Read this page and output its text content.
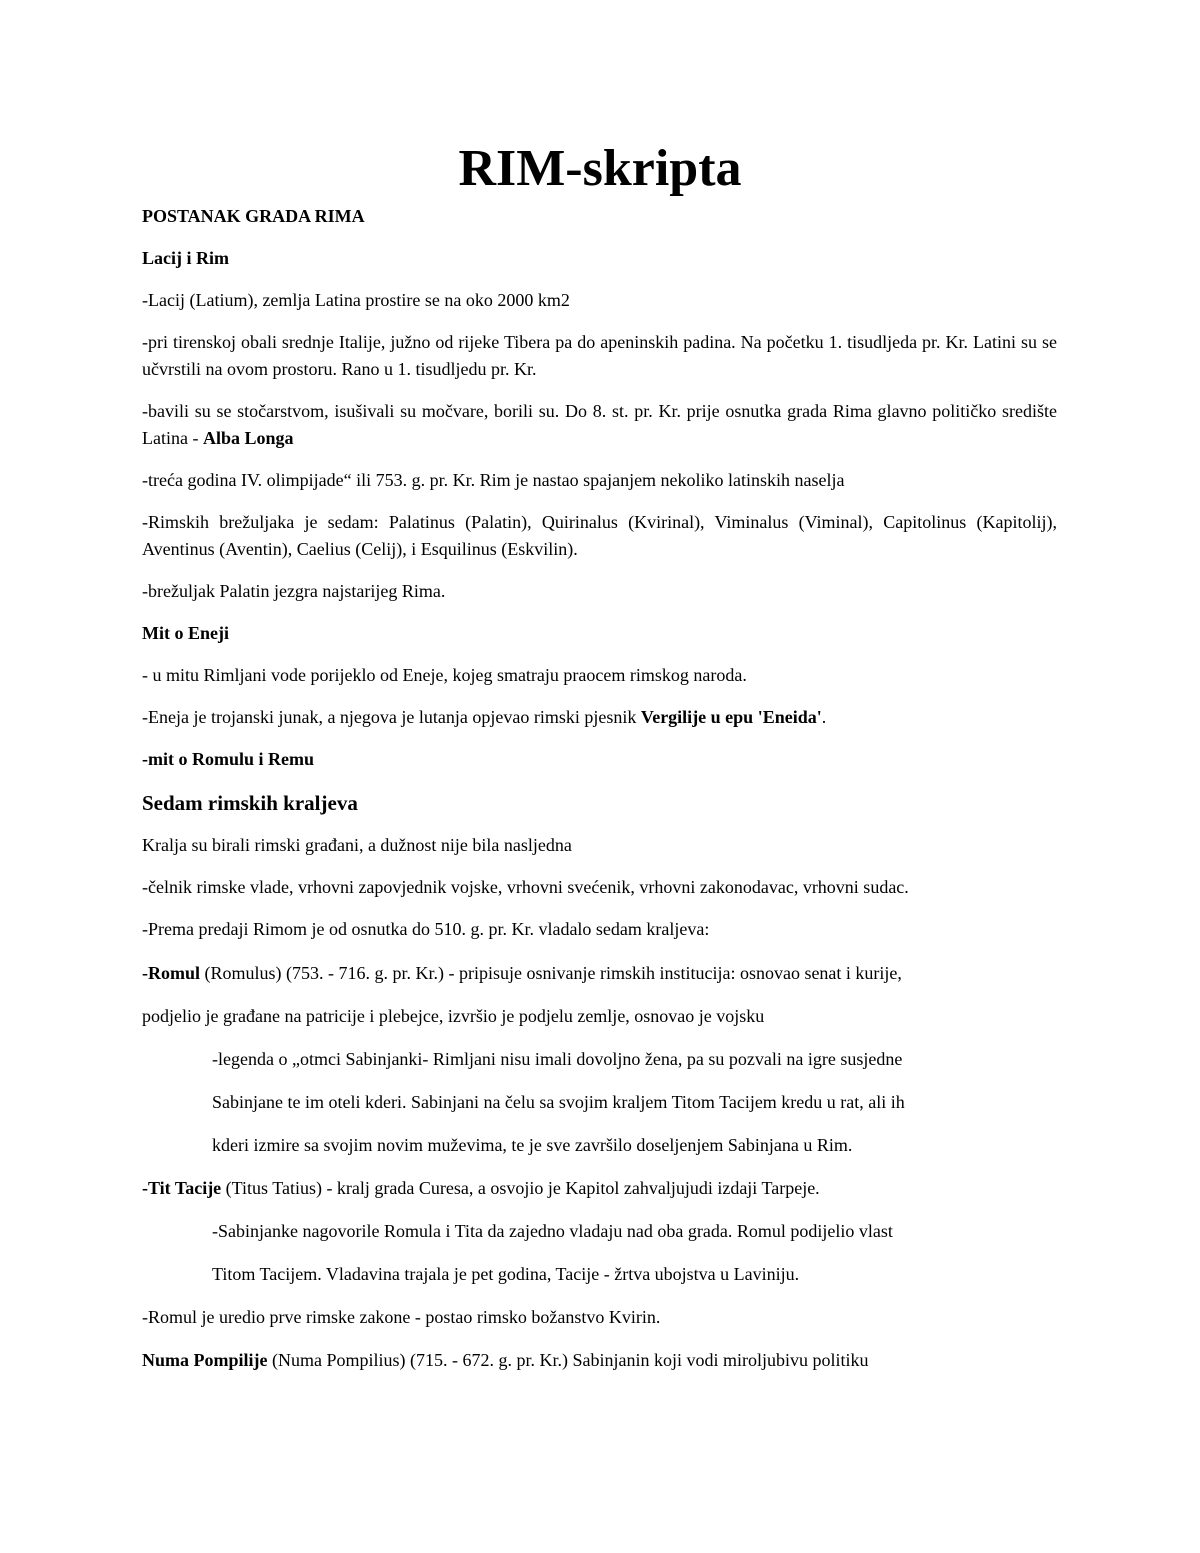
RIM-skripta

POSTANAK GRADA RIMA

Lacij i Rim

-Lacij (Latium), zemlja Latina prostire se na oko 2000 km2

-pri tirenskoj obali srednje Italije, južno od rijeke Tibera pa do apeninskih padina. Na početku 1. tisudljeda pr. Kr. Latini su se učvrstili na ovom prostoru. Rano u 1. tisudljedu pr. Kr.

-bavili su se stočarstvom, isušivali su močvare, borili su. Do 8. st. pr. Kr. prije osnutka grada Rima glavno političko središte Latina - Alba Longa

-treća godina IV. olimpijade“ ili 753. g. pr. Kr. Rim je nastao spajanjem nekoliko latinskih naselja

-Rimskih brežuljaka je sedam: Palatinus (Palatin), Quirinalus (Kvirinal), Viminalus (Viminal), Capitolinus (Kapitolij), Aventinus (Aventin), Caelius (Celij), i Esquilinus (Eskvilin).

-brežuljak Palatin jezgra najstarijeg Rima.

Mit o Eneji

- u mitu Rimljani vode porijeklo od Eneje, kojeg smatraju praocem rimskog naroda.

-Eneja je trojanski junak, a njegova je lutanja opjevao rimski pjesnik Vergilije u epu 'Eneida'.

-mit o Romulu i Remu

Sedam rimskih kraljeva

Kralja su birali rimski građani, a dužnost nije bila nasljedna

-čelnik rimske vlade, vrhovni zapovjednik vojske, vrhovni svećenik, vrhovni zakonodavac, vrhovni sudac.

-Prema predaji Rimom je od osnutka do 510. g. pr. Kr. vladalo sedam kraljeva:

-Romul (Romulus) (753. - 716. g. pr. Kr.) - pripisuje osnivanje rimskih institucija: osnovao senat i kurije,

podjelio je građane na patricije i plebejce, izvršio je podjelu zemlje, osnovao je vojsku

-legenda o „otmci Sabinjanki- Rimljani nisu imali dovoljno žena, pa su pozvali na igre susjedne

Sabinjane te im oteli kderi. Sabinjani na čelu sa svojim kraljem Titom Tacijem kredu u rat, ali ih

kderi izmire sa svojim novim muževima, te je sve završilo doseljenjem Sabinjana u Rim.

-Tit Tacije (Titus Tatius) - kralj grada Curesa, a osvojio je Kapitol zahvaljujudi izdaji Tarpeje.

-Sabinjanke nagovorile Romula i Tita da zajedno vladaju nad oba grada. Romul podijelio vlast

Titom Tacijem. Vladavina trajala je pet godina, Tacije - žrtva ubojstva u Laviniju.

-Romul je uredio prve rimske zakone - postao rimsko božanstvo Kvirin.

Numa Pompilije (Numa Pompilius) (715. - 672. g. pr. Kr.) Sabinjanin koji vodi miroljubivu politiku
